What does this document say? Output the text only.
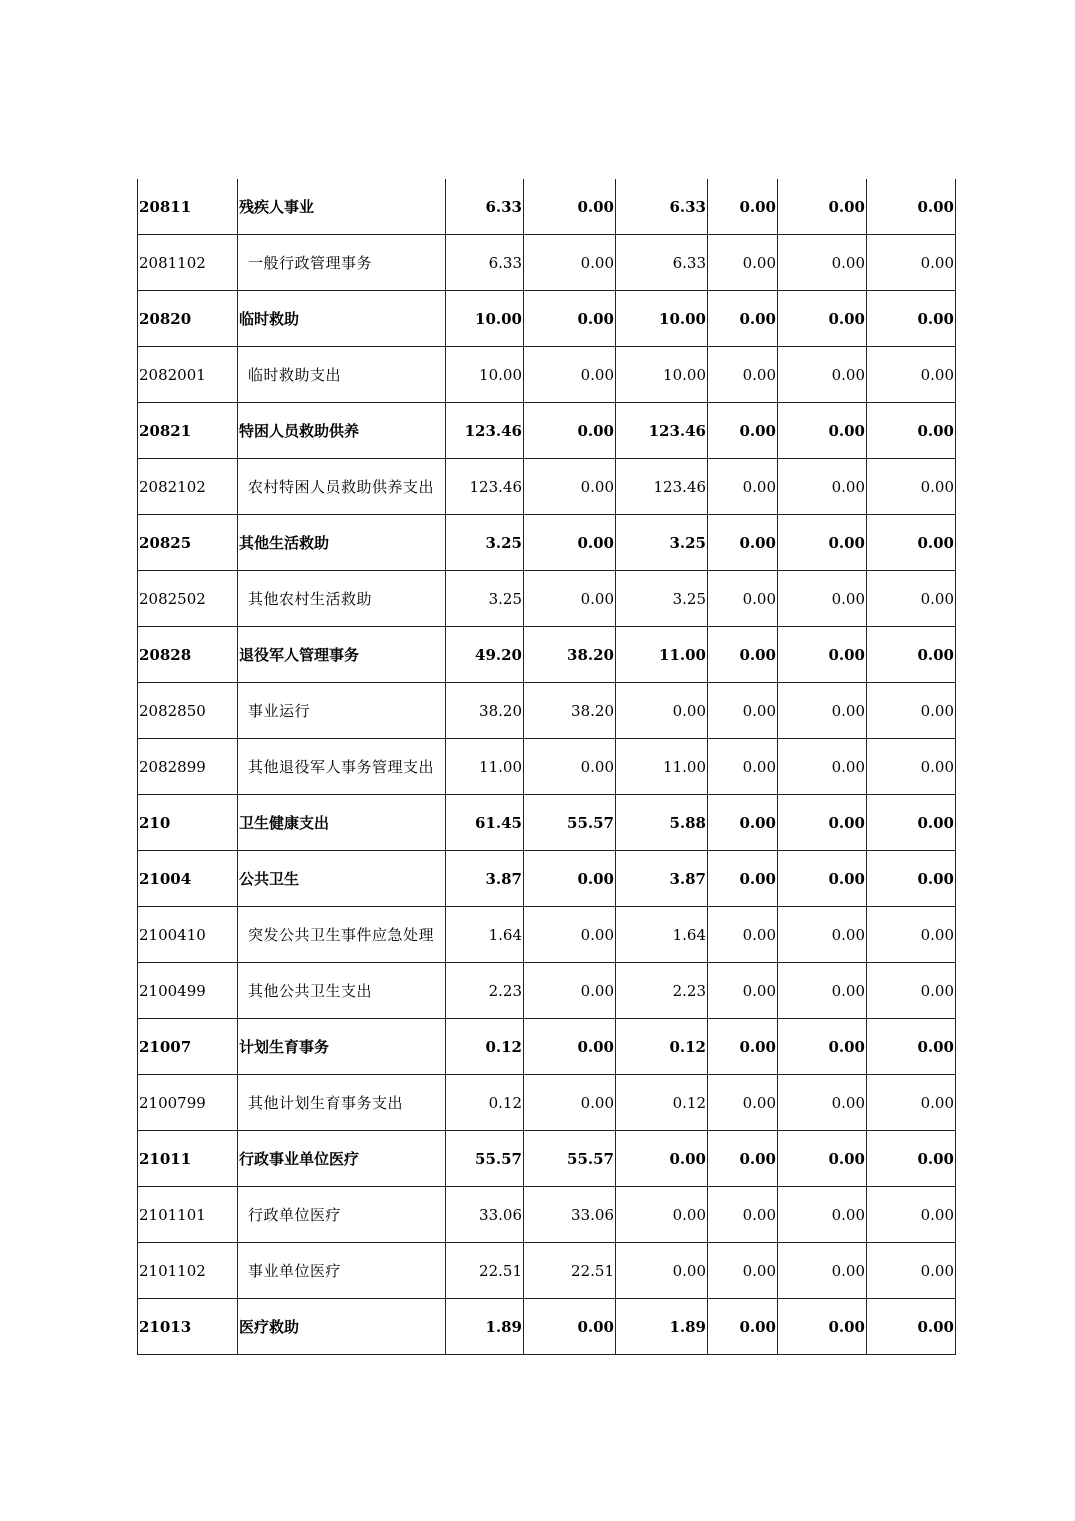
20811	残疾人事业	6.33	0.00	6.33	0.00	0.00	0.00
2081102	一般行政管理事务	6.33	0.00	6.33	0.00	0.00	0.00
20820	临时救助	10.00	0.00	10.00	0.00	0.00	0.00
2082001	临时救助支出	10.00	0.00	10.00	0.00	0.00	0.00
20821	特困人员救助供养	123.46	0.00	123.46	0.00	0.00	0.00
2082102	农村特困人员救助供养支出	123.46	0.00	123.46	0.00	0.00	0.00
20825	其他生活救助	3.25	0.00	3.25	0.00	0.00	0.00
2082502	其他农村生活救助	3.25	0.00	3.25	0.00	0.00	0.00
20828	退役军人管理事务	49.20	38.20	11.00	0.00	0.00	0.00
2082850	事业运行	38.20	38.20	0.00	0.00	0.00	0.00
2082899	其他退役军人事务管理支出	11.00	0.00	11.00	0.00	0.00	0.00
210	卫生健康支出	61.45	55.57	5.88	0.00	0.00	0.00
21004	公共卫生	3.87	0.00	3.87	0.00	0.00	0.00
2100410	突发公共卫生事件应急处理	1.64	0.00	1.64	0.00	0.00	0.00
2100499	其他公共卫生支出	2.23	0.00	2.23	0.00	0.00	0.00
21007	计划生育事务	0.12	0.00	0.12	0.00	0.00	0.00
2100799	其他计划生育事务支出	0.12	0.00	0.12	0.00	0.00	0.00
21011	行政事业单位医疗	55.57	55.57	0.00	0.00	0.00	0.00
2101101	行政单位医疗	33.06	33.06	0.00	0.00	0.00	0.00
2101102	事业单位医疗	22.51	22.51	0.00	0.00	0.00	0.00
21013	医疗救助	1.89	0.00	1.89	0.00	0.00	0.00
